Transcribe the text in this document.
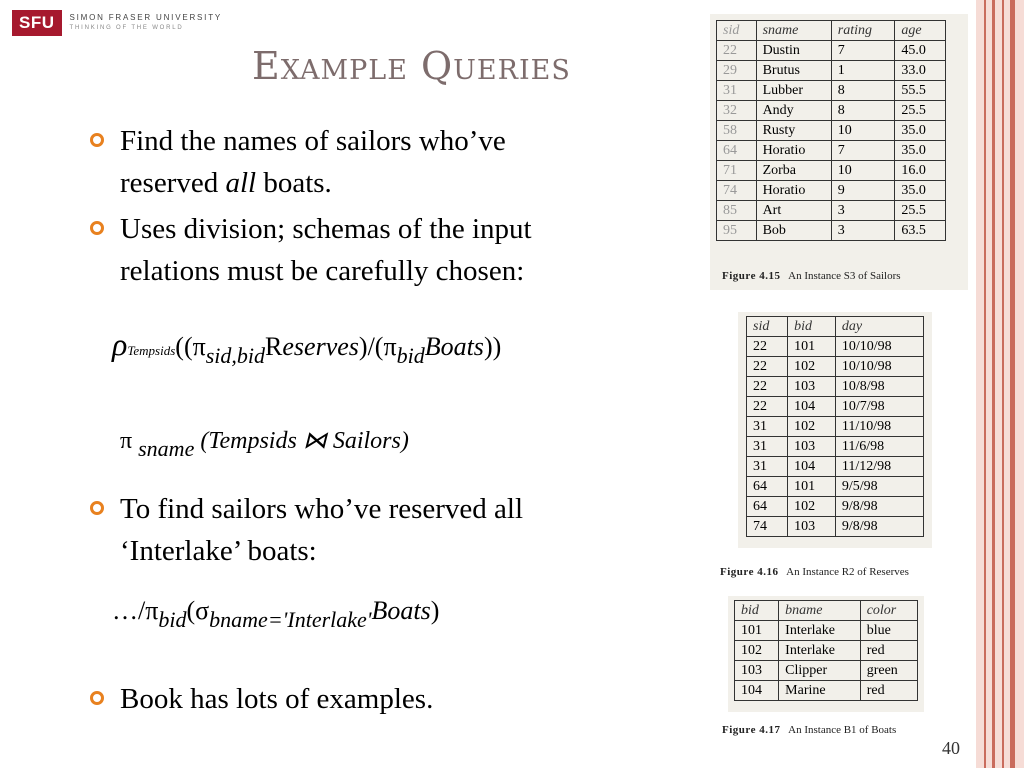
SFU	SIMON FRASER UNIVERSITY
THINKING OF THE WORLD
Example Queries
Find the names of sailors who’ve
reserved all boats.
Uses division; schemas of the input
relations must be carefully chosen:
$\rho Tempsids((\pi_{sid,bid}Reserves)/(\pi_{bid}Boats))$
π sname (Tempsids ⋈ Sailors)
To find sailors who’ve reserved all
‘Interlake’ boats:
$\dots/\pi_{bid}(\sigma_{bname='Interlake'}Boats)$
Book has lots of examples.
sid	sname	rating	age
22	Dustin	7	45.0
29	Brutus	1	33.0
31	Lubber	8	55.5
32	Andy	8	25.5
58	Rusty	10	35.0
64	Horatio	7	35.0
71	Zorba	10	16.0
74	Horatio	9	35.0
85	Art	3	25.5
95	Bob	3	63.5
Figure 4.15 An Instance S3 of Sailors
sid	bid	day
22	101	10/10/98
22	102	10/10/98
22	103	10/8/98
22	104	10/7/98
31	102	11/10/98
31	103	11/6/98
31	104	11/12/98
64	101	9/5/98
64	102	9/8/98
74	103	9/8/98
Figure 4.16 An Instance R2 of Reserves
bid	bname	color
101	Interlake	blue
102	Interlake	red
103	Clipper	green
104	Marine	red
Figure 4.17 An Instance B1 of Boats
40
